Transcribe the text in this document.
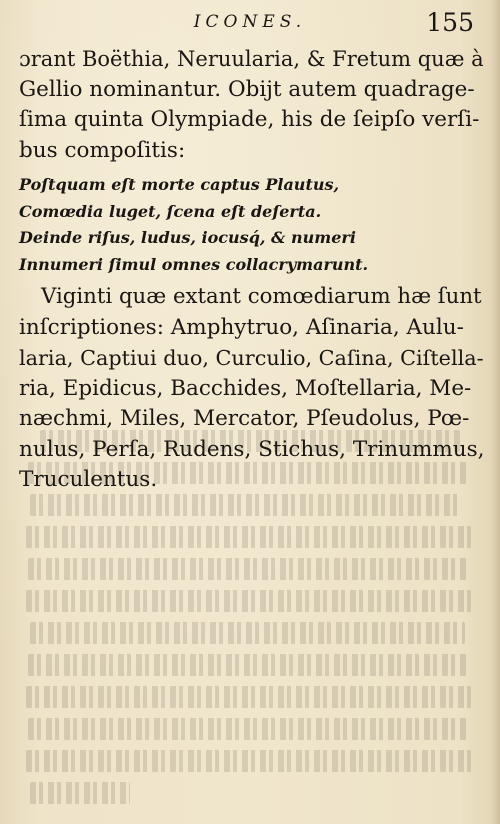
ICONES.	155
ɔrant Boëthia, Neruularia, & Fretum quæ à
Gellio nominantur. Obijt autem quadrage-
ſima quinta Olympiade, his de ſeipſo verſi-
bus compoſitis:
Poſtquam eſt morte captus Plautus,
Comœdia luget, ſcena eſt deſerta.
Deinde riſus, ludus, iocusq́, & numeri
Innumeri ſimul omnes collacrymarunt.
Viginti quæ extant comœdiarum hæ ſunt
inſcriptiones: Amphytruo, Aſinaria, Aulu-
laria, Captiui duo, Curculio, Caſina, Ciſtella-
ria, Epidicus, Bacchides, Moſtellaria, Me-
næchmi, Miles, Mercator, Pſeudolus, Pœ-
nulus, Perſa, Rudens, Stichus, Trinummus,
Truculentus.
